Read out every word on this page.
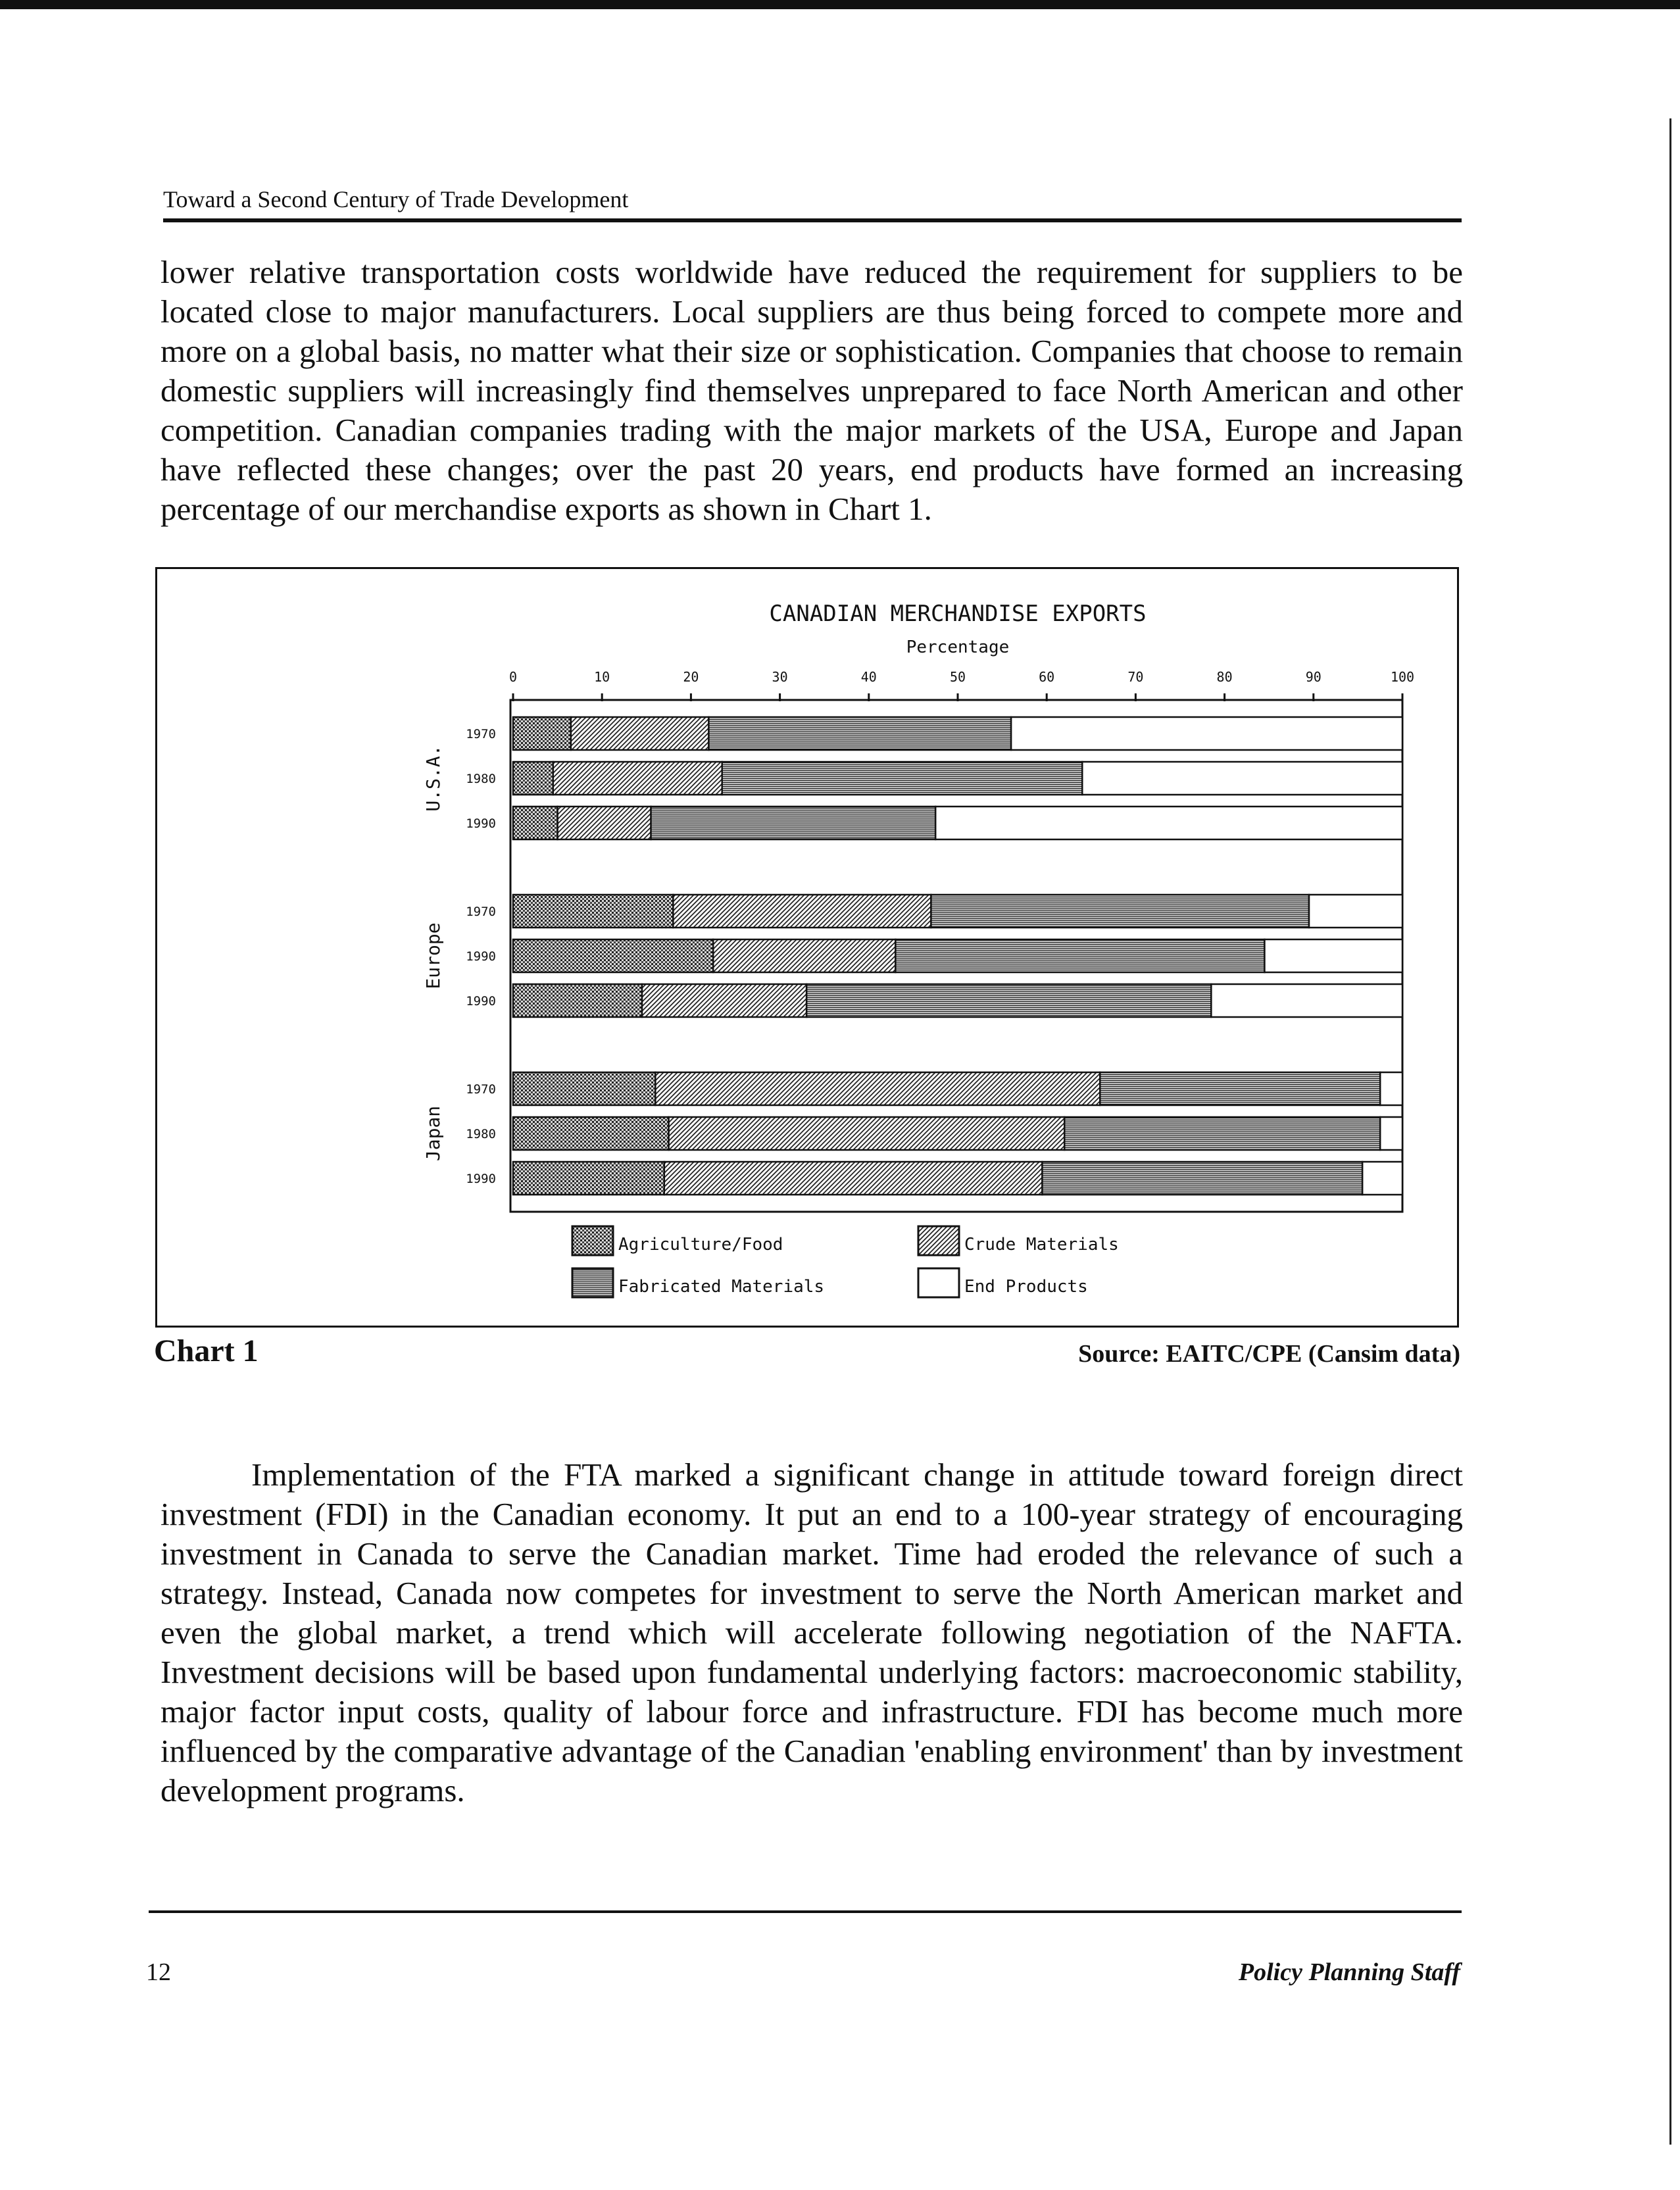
Toward a Second Century of Trade Development

lower relative transportation costs worldwide have reduced the requirement for suppliers to be located close to major manufacturers. Local suppliers are thus being forced to compete more and more on a global basis, no matter what their size or sophistication. Companies that choose to remain domestic suppliers will increasingly find themselves unprepared to face North American and other competition. Canadian companies trading with the major markets of the USA, Europe and Japan have reflected these changes; over the past 20 years, end products have formed an increasing percentage of our merchandise exports as shown in Chart 1.

CANADIAN MERCHANDISE EXPORTS
Percentage
0	10	20	30	40	50	60	70	80	90	100
1970
1980
1990
U.S.A.
1970
1990
1990
Europe
1970
1980
1990
Japan
Agriculture/Food	Crude Materials
Fabricated Materials	End Products
Chart 1	Source: EAITC/CPE (Cansim data)

Implementation of the FTA marked a significant change in attitude toward foreign direct investment (FDI) in the Canadian economy. It put an end to a 100-year strategy of encouraging investment in Canada to serve the Canadian market. Time had eroded the relevance of such a strategy. Instead, Canada now competes for investment to serve the North American market and even the global market, a trend which will accelerate following negotiation of the NAFTA. Investment decisions will be based upon fundamental underlying factors: macroeconomic stability, major factor input costs, quality of labour force and infrastructure. FDI has become much more influenced by the comparative advantage of the Canadian 'enabling environment' than by investment development programs.

12	Policy Planning Staff
